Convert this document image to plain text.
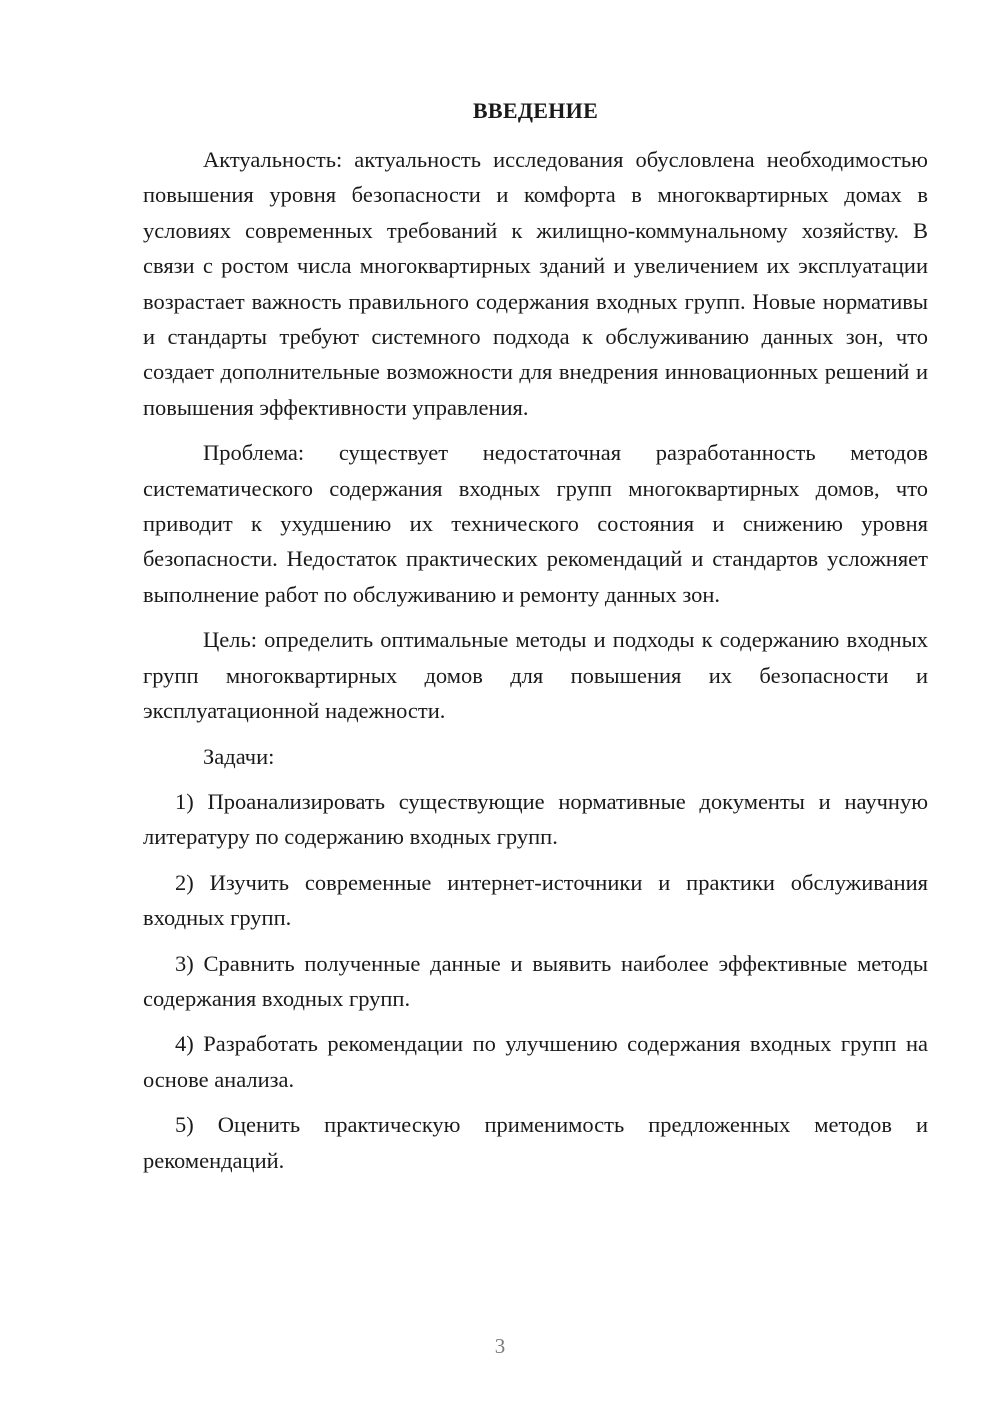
ВВЕДЕНИЕ

Актуальность: актуальность исследования обусловлена необходимостью повышения уровня безопасности и комфорта в многоквартирных домах в условиях современных требований к жилищно-коммунальному хозяйству. В связи с ростом числа многоквартирных зданий и увеличением их эксплуатации возрастает важность правильного содержания входных групп. Новые нормативы и стандарты требуют системного подхода к обслуживанию данных зон, что создает дополнительные возможности для внедрения инновационных решений и повышения эффективности управления.

Проблема: существует недостаточная разработанность методов систематического содержания входных групп многоквартирных домов, что приводит к ухудшению их технического состояния и снижению уровня безопасности. Недостаток практических рекомендаций и стандартов усложняет выполнение работ по обслуживанию и ремонту данных зон.

Цель: определить оптимальные методы и подходы к содержанию входных групп многоквартирных домов для повышения их безопасности и эксплуатационной надежности.

Задачи:

1) Проанализировать существующие нормативные документы и научную литературу по содержанию входных групп.

2) Изучить современные интернет-источники и практики обслуживания входных групп.

3) Сравнить полученные данные и выявить наиболее эффективные методы содержания входных групп.

4) Разработать рекомендации по улучшению содержания входных групп на основе анализа.

5) Оценить практическую применимость предложенных методов и рекомендаций.

3
